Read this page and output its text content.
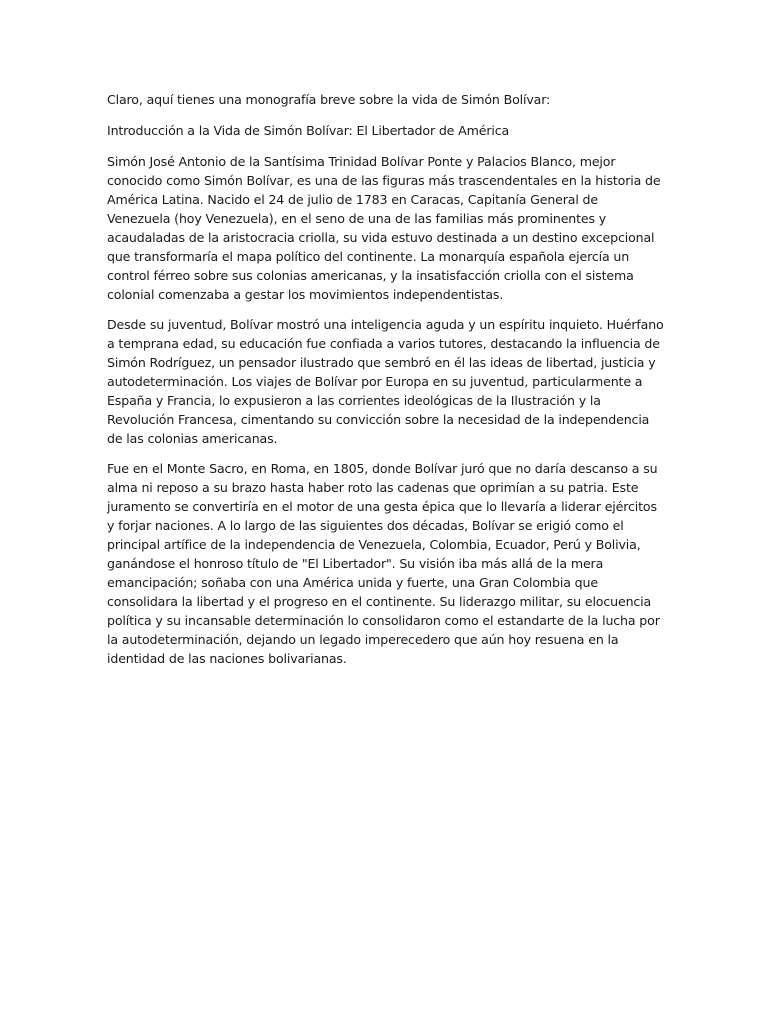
Claro, aquí tienes una monografía breve sobre la vida de Simón Bolívar:

Introducción a la Vida de Simón Bolívar: El Libertador de América

Simón José Antonio de la Santísima Trinidad Bolívar Ponte y Palacios Blanco, mejor conocido como Simón Bolívar, es una de las figuras más trascendentales en la historia de América Latina. Nacido el 24 de julio de 1783 en Caracas, Capitanía General de Venezuela (hoy Venezuela), en el seno de una de las familias más prominentes y acaudaladas de la aristocracia criolla, su vida estuvo destinada a un destino excepcional que transformaría el mapa político del continente. La monarquía española ejercía un control férreo sobre sus colonias americanas, y la insatisfacción criolla con el sistema colonial comenzaba a gestar los movimientos independentistas.

Desde su juventud, Bolívar mostró una inteligencia aguda y un espíritu inquieto. Huérfano a temprana edad, su educación fue confiada a varios tutores, destacando la influencia de Simón Rodríguez, un pensador ilustrado que sembró en él las ideas de libertad, justicia y autodeterminación. Los viajes de Bolívar por Europa en su juventud, particularmente a España y Francia, lo expusieron a las corrientes ideológicas de la Ilustración y la Revolución Francesa, cimentando su convicción sobre la necesidad de la independencia de las colonias americanas.

Fue en el Monte Sacro, en Roma, en 1805, donde Bolívar juró que no daría descanso a su alma ni reposo a su brazo hasta haber roto las cadenas que oprimían a su patria. Este juramento se convertiría en el motor de una gesta épica que lo llevaría a liderar ejércitos y forjar naciones. A lo largo de las siguientes dos décadas, Bolívar se erigió como el principal artífice de la independencia de Venezuela, Colombia, Ecuador, Perú y Bolivia, ganándose el honroso título de "El Libertador". Su visión iba más allá de la mera emancipación; soñaba con una América unida y fuerte, una Gran Colombia que consolidara la libertad y el progreso en el continente. Su liderazgo militar, su elocuencia política y su incansable determinación lo consolidaron como el estandarte de la lucha por la autodeterminación, dejando un legado imperecedero que aún hoy resuena en la identidad de las naciones bolivarianas.
